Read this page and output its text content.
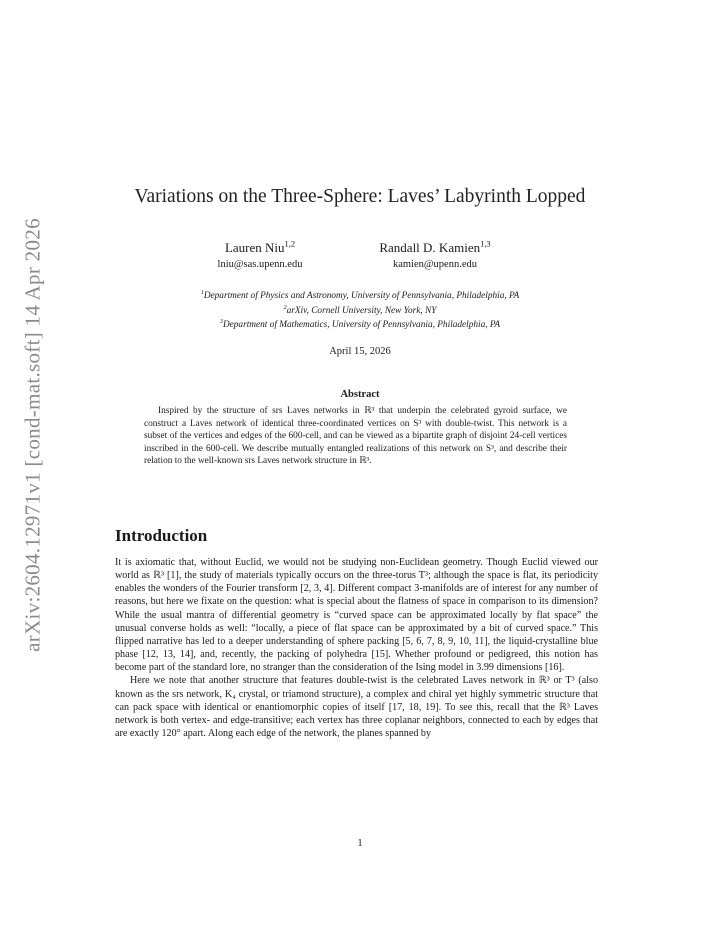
arXiv:2604.12971v1 [cond-mat.soft] 14 Apr 2026
Variations on the Three-Sphere: Laves’ Labyrinth Lopped
Lauren Niu$^{1,2}$
lniu@sas.upenn.edu
Randall D. Kamien$^{1,3}$
kamien@upenn.edu
$^1$Department of Physics and Astronomy, University of Pennsylvania, Philadelphia, PA
$^2$arXiv, Cornell University, New York, NY
$^3$Department of Mathematics, University of Pennsylvania, Philadelphia, PA
April 15, 2026
Abstract
Inspired by the structure of srs Laves networks in ℝ³ that underpin the celebrated gyroid surface, we construct a Laves network of identical three-coordinated vertices on S³ with double-twist. This network is a subset of the vertices and edges of the 600-cell, and can be viewed as a bipartite graph of disjoint 24-cell vertices inscribed in the 600-cell. We describe mutually entangled realizations of this network on S³, and describe their relation to the well-known srs Laves network structure in ℝ³.
Introduction

It is axiomatic that, without Euclid, we would not be studying non-Euclidean geometry. Though Euclid viewed our world as ℝ³ [1], the study of materials typically occurs on the three-torus T³; although the space is flat, its periodicity enables the wonders of the Fourier transform [2, 3, 4]. Different compact 3-manifolds are of interest for any number of reasons, but here we fixate on the question: what is special about the flatness of space in comparison to its dimension? While the usual mantra of differential geometry is “curved space can be approximated locally by flat space” the unusual converse holds as well: “locally, a piece of flat space can be approximated by a bit of curved space.” This flipped narrative has led to a deeper understanding of sphere packing [5, 6, 7, 8, 9, 10, 11], the liquid-crystalline blue phase [12, 13, 14], and, recently, the packing of polyhedra [15]. Whether profound or pedigreed, this notion has become part of the standard lore, no stranger than the consideration of the Ising model in 3.99 dimensions [16].

Here we note that another structure that features double-twist is the celebrated Laves network in ℝ³ or T³ (also known as the srs network, K₄ crystal, or triamond structure), a complex and chiral yet highly symmetric structure that can pack space with identical or enantiomorphic copies of itself [17, 18, 19]. To see this, recall that the ℝ³ Laves network is both vertex- and edge-transitive; each vertex has three coplanar neighbors, connected to each by edges that are exactly 120° apart. Along each edge of the network, the planes spanned by

1
